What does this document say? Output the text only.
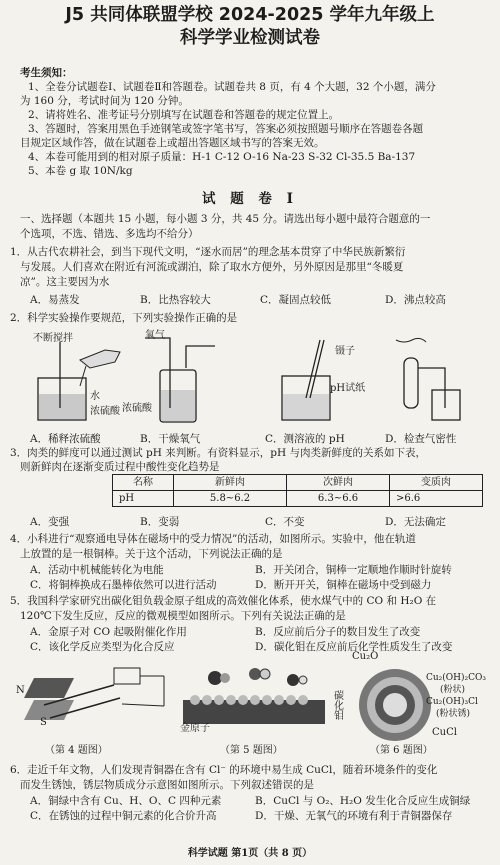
J5 共同体联盟学校 2024-2025 学年九年级上
科学学业检测试卷
考生须知：
1、全卷分试题卷Ⅰ、试题卷Ⅱ和答题卷。试题卷共 8 页，有 4 个大题，32 个小题，满分
为 160 分，考试时间为 120 分钟。
2、请将姓名、准考证号分别填写在试题卷和答题卷的规定位置上。
3、答题时，答案用黑色手迹钢笔或签字笔书写，答案必须按照题号顺序在答题卷各题
目规定区域作答，做在试题卷上或超出答题区域书写的答案无效。
4、本卷可能用到的相对原子质量：H-1 C-12 O-16 Na-23 S-32 Cl-35.5 Ba-137
5、本卷 g 取 10N/kg
试 题 卷 Ⅰ
一、选择题（本题共 15 小题，每小题 3 分，共 45 分。请选出每小题中最符合题意的一
个选项，不选、错选、多选均不给分）
1．从古代农耕社会，到当下现代文明，“逐水而居”的理念基本贯穿了中华民族新繁衍
与发展。人们喜欢在附近有河流或湖泊，除了取水方便外，另外原因是那里“冬暖夏
凉”。这主要因为水
A．易蒸发	B．比热容较大	C．凝固点较低	D．沸点较高
2．科学实验操作要规范，下列实验操作正确的是
不断搅拌
水
浓硫酸
氧气
浓硫酸
镊子
pH试纸
A．稀释浓硫酸	B．干燥氧气	C．测溶液的 pH	D．检查气密性
3．肉类的鲜度可以通过测试 pH 来判断。有资料显示，pH 与肉类新鲜度的关系如下表，
则新鲜肉在逐渐变质过程中酸性变化趋势是
名称	新鲜肉	次鲜肉	变质肉
pH	5.8~6.2	6.3~6.6	>6.6
A．变强	B．变弱	C．不变	D．无法确定
4．小科进行“观察通电导体在磁场中的受力情况”的活动，如图所示。实验中，他在轨道
上放置的是一根铜棒。关于这个活动，下列说法正确的是
A．活动中机械能转化为电能	B．开关闭合，铜棒一定顺地作顺时针旋转
C．将铜棒换成石墨棒依然可以进行活动	D．断开开关，铜棒在磁场中受到磁力
5．我国科学家研究出碳化钼负载金原子组成的高效催化体系，使水煤气中的 CO 和 H₂O 在
120℃下发生反应，反应的微观模型如图所示。下列有关说法正确的是
A．金原子对 CO 起吸附催化作用	B．反应前后分子的数目发生了改变
C．该化学反应类型为化合反应	D．碳化钼在反应前后化学性质发生了改变
N
S
金原子
碳化钼
Cu₂O
Cu₂(OH)₂CO₃
(粉状)
Cu₂(OH)₃Cl
(粉状锈)
CuCl
（第 4 题图）	（第 5 题图）	（第 6 题图）
6．走近千年文物，人们发现青铜器在含有 Cl⁻ 的环境中易生成 CuCl，随着环境条件的变化
而发生锈蚀，锈层物质成分示意图如图所示。下列叙述错误的是
A．铜绿中含有 Cu、H、O、C 四种元素	B．CuCl 与 O₂、H₂O 发生化合反应生成铜绿
C．在锈蚀的过程中铜元素的化合价升高	D．干燥、无氧气的环境有利于青铜器保存
科学试题 第1页（共 8 页）
